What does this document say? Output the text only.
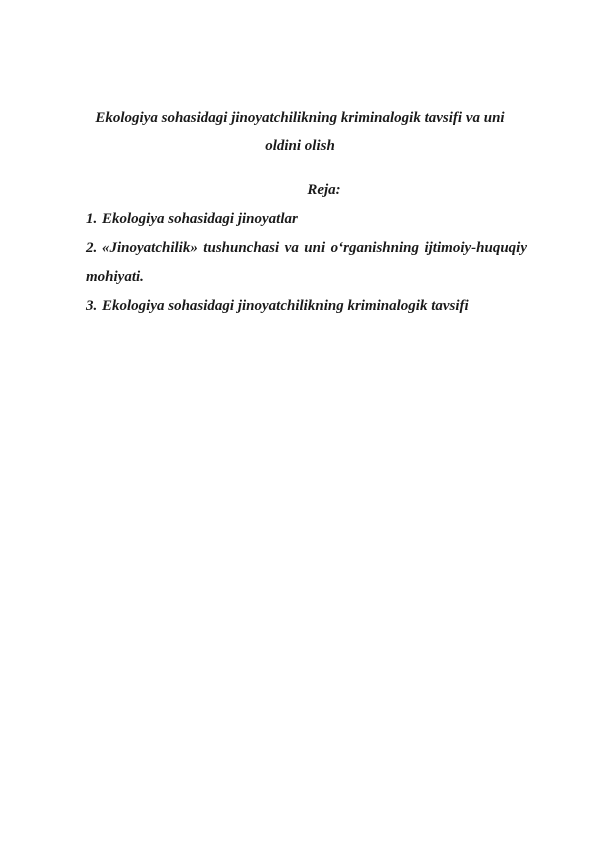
Ekologiya sohasidagi jinoyatchilikning kriminalogik tavsifi va uni
oldini olish
Reja:
1. Ekologiya sohasidagi jinoyatlar
2. «Jinoyatchilik» tushunchasi va uni o‘rganishning ijtimoiy-huquqiy mohiyati.
3. Ekologiya sohasidagi jinoyatchilikning kriminalogik tavsifi
